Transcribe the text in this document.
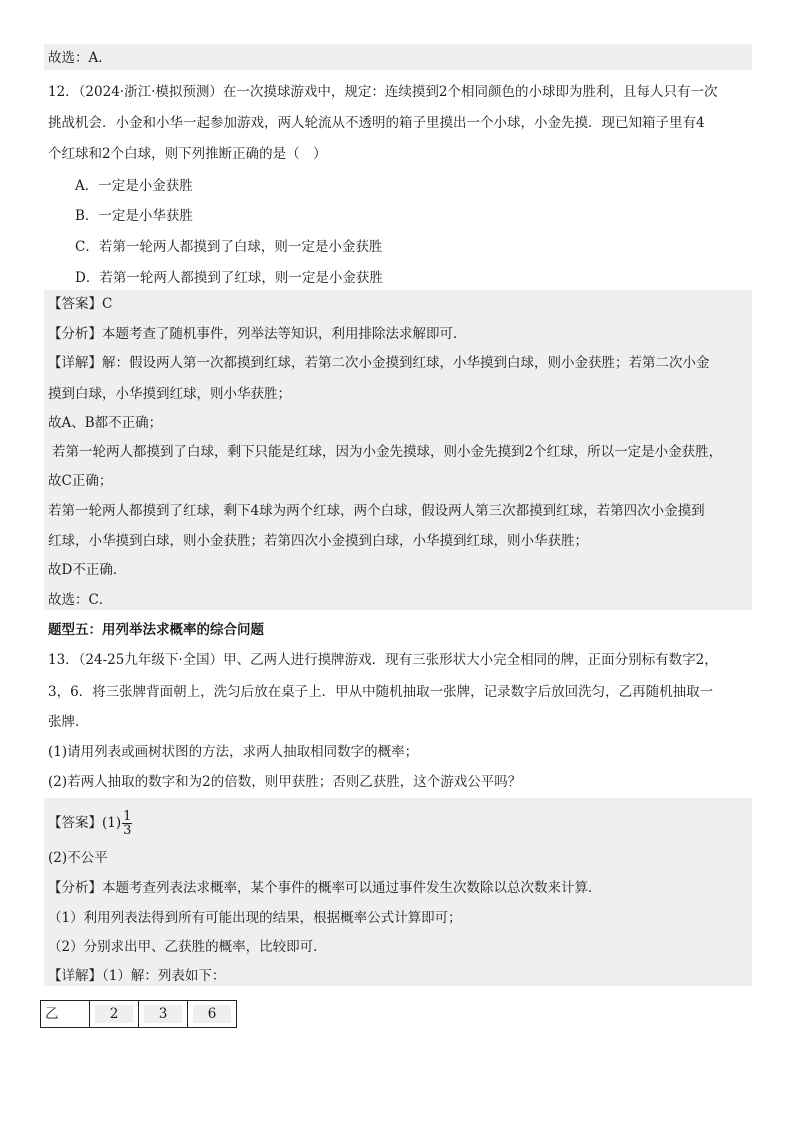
故选：A．
12．（2024·浙江·模拟预测）在一次摸球游戏中，规定：连续摸到2个相同颜色的小球即为胜利，且每人只有一次
挑战机会．小金和小华一起参加游戏，两人轮流从不透明的箱子里摸出一个小球，小金先摸．现已知箱子里有4
个红球和2个白球，则下列推断正确的是（　）
A．一定是小金获胜
B．一定是小华获胜
C．若第一轮两人都摸到了白球，则一定是小金获胜
D．若第一轮两人都摸到了红球，则一定是小金获胜
【答案】C
【分析】本题考查了随机事件，列举法等知识，利用排除法求解即可．
【详解】解：假设两人第一次都摸到红球，若第二次小金摸到红球，小华摸到白球，则小金获胜；若第二次小金
摸到白球，小华摸到红球，则小华获胜；
故A、B都不正确；
若第一轮两人都摸到了白球，剩下只能是红球，因为小金先摸球，则小金先摸到2个红球，所以一定是小金获胜，
故C正确；
若第一轮两人都摸到了红球，剩下4球为两个红球，两个白球，假设两人第三次都摸到红球，若第四次小金摸到
红球，小华摸到白球，则小金获胜；若第四次小金摸到白球，小华摸到红球，则小华获胜；
故D不正确．
故选：C．
题型五：用列举法求概率的综合问题
13．（24-25九年级下·全国）甲、乙两人进行摸牌游戏．现有三张形状大小完全相同的牌，正面分别标有数字2，
3，6．将三张牌背面朝上，洗匀后放在桌子上．甲从中随机抽取一张牌，记录数字后放回洗匀，乙再随机抽取一
张牌．
(1)请用列表或画树状图的方法，求两人抽取相同数字的概率；
(2)若两人抽取的数字和为2的倍数，则甲获胜；否则乙获胜，这个游戏公平吗？
【答案】$(1) \frac{1}{3}$
(2)不公平
【分析】本题考查列表法求概率，某个事件的概率可以通过事件发生次数除以总次数来计算．
（1）利用列表法得到所有可能出现的结果，根据概率公式计算即可；
（2）分别求出甲、乙获胜的概率，比较即可．
【详解】（1）解：列表如下：
乙	2	3	6
